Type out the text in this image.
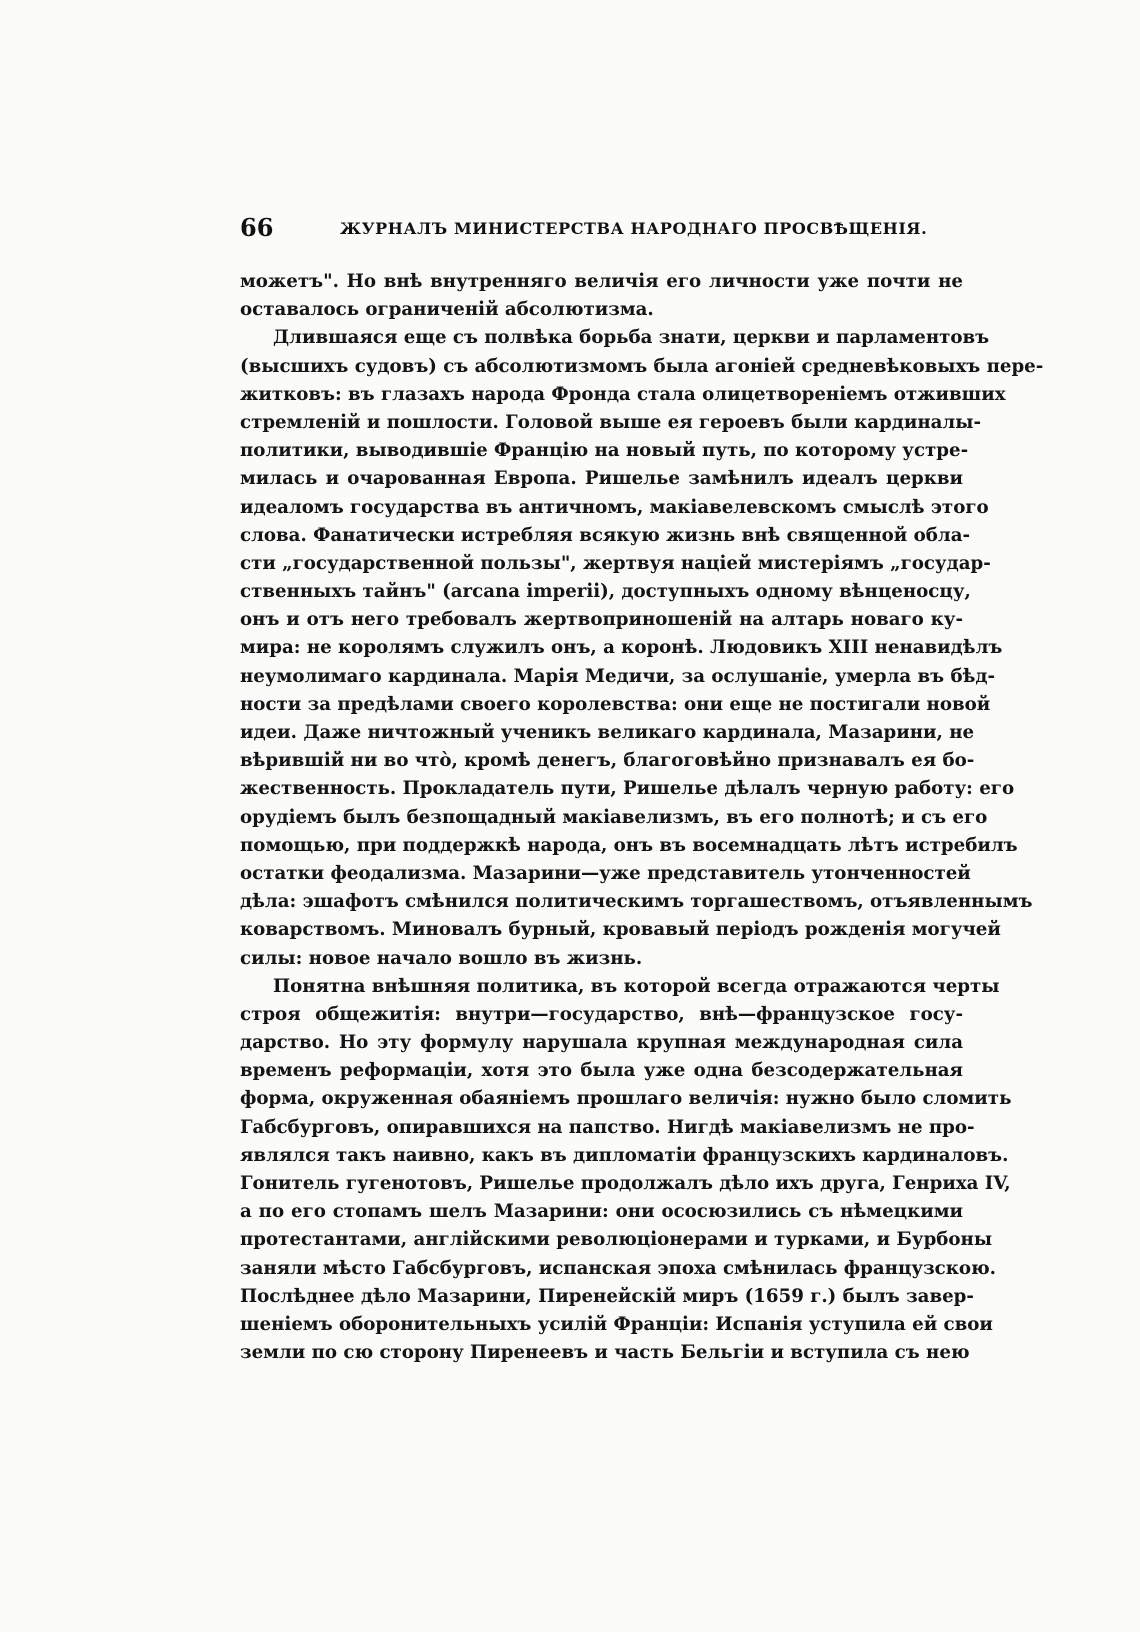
66	ЖУРНАЛЪ МИНИСТЕРСТВА НАРОДНАГО ПРОСВѢЩЕНІЯ.
можетъ". Но внѣ внутренняго величія его личности уже почти не
оставалось ограниченій абсолютизма.
Длившаяся еще съ полвѣка борьба знати, церкви и парламентовъ
(высшихъ судовъ) съ абсолютизмомъ была агоніей средневѣковыхъ пере-
житковъ: въ глазахъ народа Фронда стала олицетвореніемъ отживших
стремленій и пошлости. Головой выше ея героевъ были кардиналы-
политики, выводившіе Францію на новый путь, по которому устре-
милась и очарованная Европа. Ришелье замѣнилъ идеалъ церкви
идеаломъ государства въ античномъ, макіавелевскомъ смыслѣ этого
слова. Фанатически истребляя всякую жизнь внѣ священной обла-
сти „государственной пользы", жертвуя націей мистеріямъ „государ-
ственныхъ тайнъ" (arcana imperii), доступныхъ одному вѣнценосцу,
онъ и отъ него требовалъ жертвоприношеній на алтарь новаго ку-
мира: не королямъ служилъ онъ, а коронѣ. Людовикъ XIII ненавидѣлъ
неумолимаго кардинала. Марія Медичи, за ослушаніе, умерла въ бѣд-
ности за предѣлами своего королевства: они еще не постигали новой
идеи. Даже ничтожный ученикъ великаго кардинала, Мазарини, не
вѣрившій ни во что̀, кромѣ денегъ, благоговѣйно признавалъ ея бо-
жественность. Прокладатель пути, Ришелье дѣлалъ черную работу: его
орудіемъ былъ безпощадный макіавелизмъ, въ его полнотѣ; и съ его
помощью, при поддержкѣ народа, онъ въ восемнадцать лѣтъ истребилъ
остатки феодализма. Мазарини—уже представитель утонченностей
дѣла: эшафотъ смѣнился политическимъ торгашествомъ, отъявленнымъ
коварствомъ. Миновалъ бурный, кровавый періодъ рожденія могучей
силы: новое начало вошло въ жизнь.
Понятна внѣшняя политика, въ которой всегда отражаются черты
строя общежитія: внутри—государство, внѣ—французское госу-
дарство. Но эту формулу нарушала крупная международная сила
временъ реформаціи, хотя это была уже одна безсодержательная
форма, окруженная обаяніемъ прошлаго величія: нужно было сломить
Габсбурговъ, опиравшихся на папство. Нигдѣ макіавелизмъ не про-
являлся такъ наивно, какъ въ дипломатіи французскихъ кардиналовъ.
Гонитель гугенотовъ, Ришелье продолжалъ дѣло ихъ друга, Генриха IV,
а по его стопамъ шелъ Мазарини: они ососюзились съ нѣмецкими
протестантами, англійскими революціонерами и турками, и Бурбоны
заняли мѣсто Габсбурговъ, испанская эпоха смѣнилась французскою.
Послѣднее дѣло Мазарини, Пиренейскій миръ (1659 г.) былъ завер-
шеніемъ оборонительныхъ усилій Франціи: Испанія уступила ей свои
земли по сю сторону Пиренеевъ и часть Бельгіи и вступила съ нею
